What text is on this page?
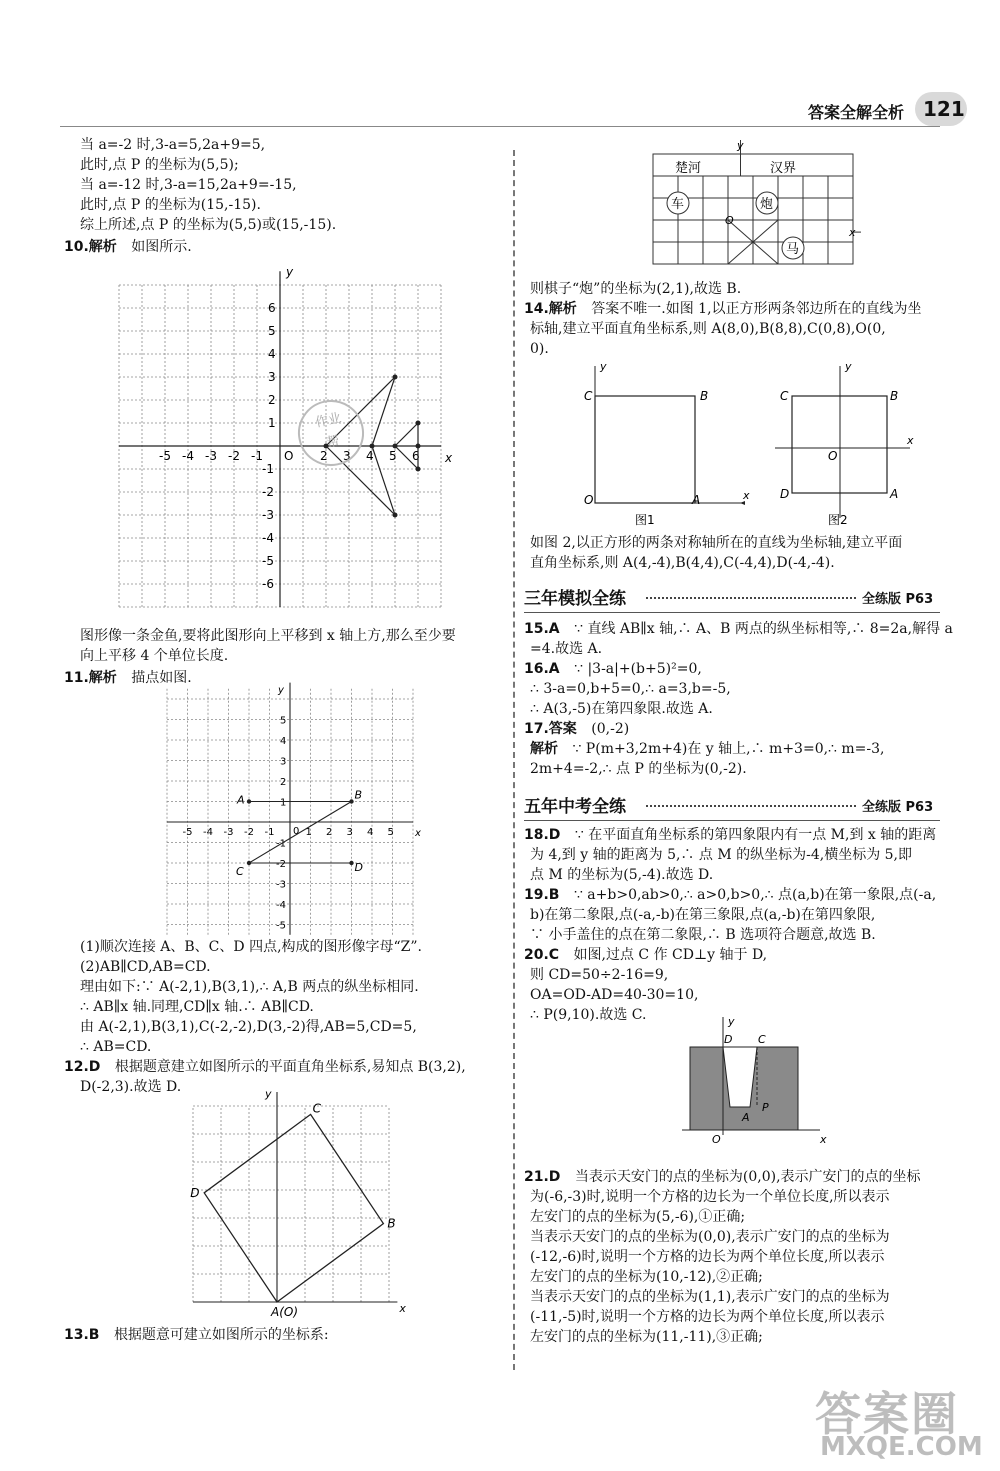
答案全解全析 121
当 a=-2 时,3-a=5,2a+9=5,
此时,点 P 的坐标为(5,5);
当 a=-12 时,3-a=15,2a+9=-15,
此时,点 P 的坐标为(15,-15).
综上所述,点 P 的坐标为(5,5)或(15,-15).
10.解析 如图所示.
-5 -4 -3 -2 -1	2 3 4 5 6
6
5
4
3
2
1
-1
-2
-3
-4
-5
-6
O	x
y
作业
帮
图形像一条金鱼,要将此图形向上平移到 x 轴上方,那么至少要
向上平移 4 个单位长度.
11.解析 描点如图.
-5 -4 -3 -2 -1	1 2 3 4 5
5
4
3
2
1
-1
-2
-3
-4
-5
0	x
y
A	B
C	D
(1)顺次连接 A、B、C、D 四点,构成的图形像字母“Z”.
(2)AB∥CD,AB=CD.
理由如下:∵ A(-2,1),B(3,1),∴ A,B 两点的纵坐标相同.
∴ AB∥x 轴.同理,CD∥x 轴.∴ AB∥CD.
由 A(-2,1),B(3,1),C(-2,-2),D(3,-2)得,AB=5,CD=5,
∴ AB=CD.
12.D 根据题意建立如图所示的平面直角坐标系,易知点 B(3,2),
D(-2,3).故选 D.
A(O)
B
C
D
x
y
13.B 根据题意可建立如图所示的坐标系:
楚河	汉界
车	炮
马
O
x
y
则棋子“炮”的坐标为(2,1),故选 B.
14.解析 答案不唯一.如图 1,以正方形两条邻边所在的直线为坐
标轴,建立平面直角坐标系,则 A(8,0),B(8,8),C(0,8),O(0,
0).
C	B
O	A	x
y
图1
C	B
O
D	A
x
y
图2
如图 2,以正方形的两条对称轴所在的直线为坐标轴,建立平面
直角坐标系,则 A(4,-4),B(4,4),C(-4,4),D(-4,-4).
三年模拟全练	全练版 P63
15.A ∵ 直线 AB∥x 轴,∴ A、B 两点的纵坐标相等,∴ 8=2a,解得 a
=4.故选 A.
16.A ∵ |3-a|+(b+5)²=0,
∴ 3-a=0,b+5=0,∴ a=3,b=-5,
∴ A(3,-5)在第四象限.故选 A.
17.答案 (0,-2)
解析 ∵ P(m+3,2m+4)在 y 轴上,∴ m+3=0,∴ m=-3,
2m+4=-2,∴ 点 P 的坐标为(0,-2).
五年中考全练	全练版 P63
18.D ∵ 在平面直角坐标系的第四象限内有一点 M,到 x 轴的距离
为 4,到 y 轴的距离为 5,∴ 点 M 的纵坐标为-4,横坐标为 5,即
点 M 的坐标为(5,-4).故选 D.
19.B ∵ a+b>0,ab>0,∴ a>0,b>0,∴ 点(a,b)在第一象限,点(-a,
b)在第二象限,点(-a,-b)在第三象限,点(a,-b)在第四象限,
∵ 小手盖住的点在第二象限,∴ B 选项符合题意,故选 B.
20.C 如图,过点 C 作 CD⊥y 轴于 D,
则 CD=50÷2-16=9,
OA=OD-AD=40-30=10,
∴ P(9,10).故选 C.	y
D C
P
A
O	x
21.D 当表示天安门的点的坐标为(0,0),表示广安门的点的坐标
为(-6,-3)时,说明一个方格的边长为一个单位长度,所以表示
左安门的点的坐标为(5,-6),①正确;
当表示天安门的点的坐标为(0,0),表示广安门的点的坐标为
(-12,-6)时,说明一个方格的边长为两个单位长度,所以表示
左安门的点的坐标为(10,-12),②正确;
当表示天安门的点的坐标为(1,1),表示广安门的点的坐标为
(-11,-5)时,说明一个方格的边长为两个单位长度,所以表示
左安门的点的坐标为(11,-11),③正确;
答案圈
MXQE.COM
